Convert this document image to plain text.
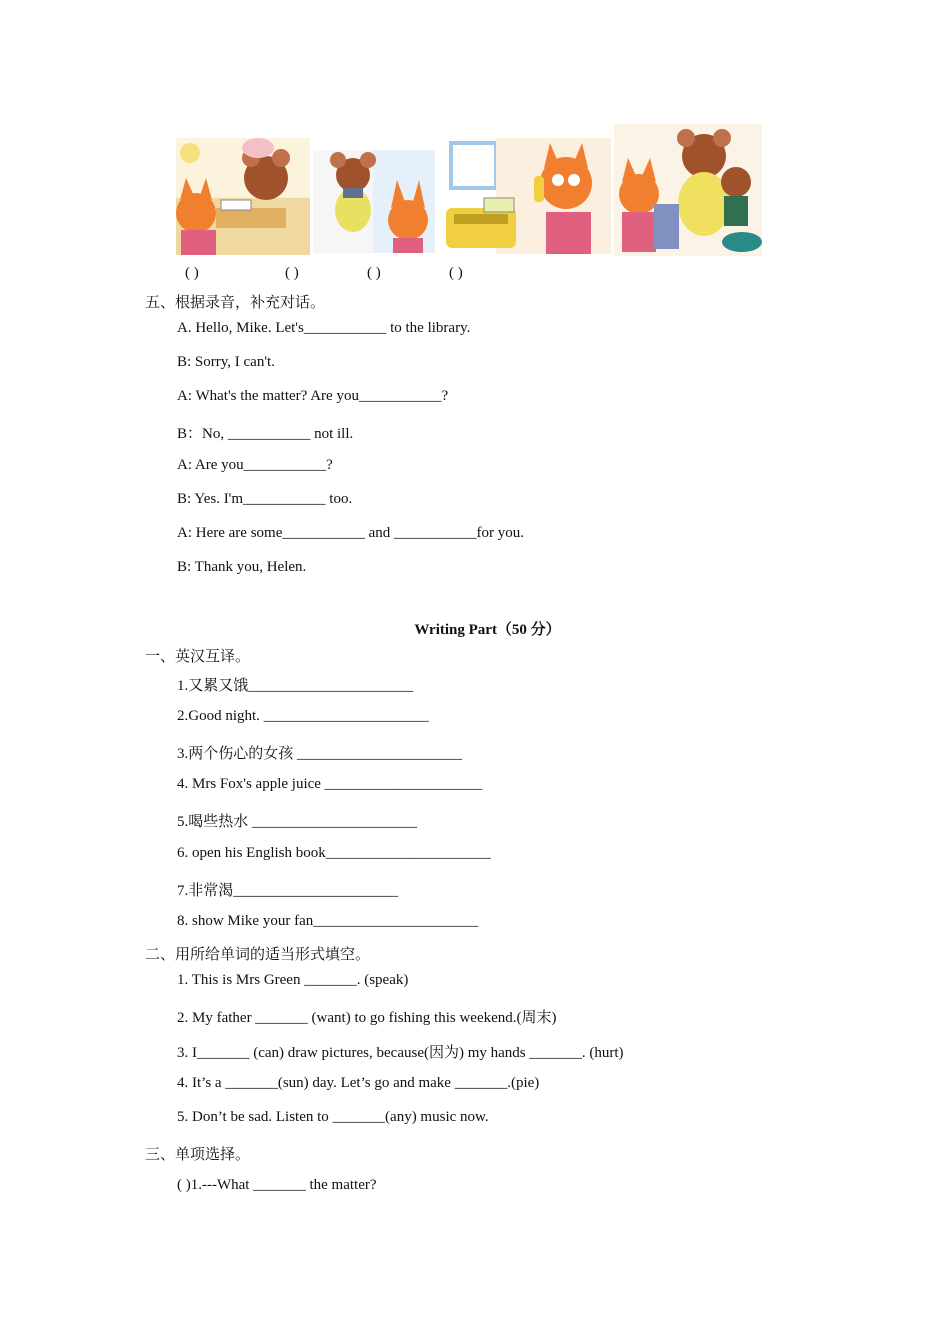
( )	( )	( )	( )
五、根据录音，补充对话。
A. Hello, Mike. Let's___________ to the library.
B: Sorry, I can't.
A: What's the matter? Are you___________?
B：No, ___________ not ill.
A: Are you___________?
B: Yes. I'm___________ too.
A: Here are some___________ and ___________for you.
B: Thank you, Helen.
Writing Part（50 分）
一、英汉互译。
1.又累又饿______________________
2.Good night. ______________________
3.两个伤心的女孩 ______________________
4. Mrs Fox's apple juice _____________________
5.喝些热水 ______________________
6. open his English book______________________
7.非常渴______________________
8. show Mike your fan______________________
二、用所给单词的适当形式填空。
1. This is Mrs Green _______. (speak)
2. My father _______ (want) to go fishing this weekend.(周末)
3. I_______ (can) draw pictures, because(因为) my hands _______. (hurt)
4. It’s a _______(sun) day. Let’s go and make _______.(pie)
5. Don’t be sad. Listen to _______(any) music now.
三、单项选择。
( )1.---What _______ the matter?
